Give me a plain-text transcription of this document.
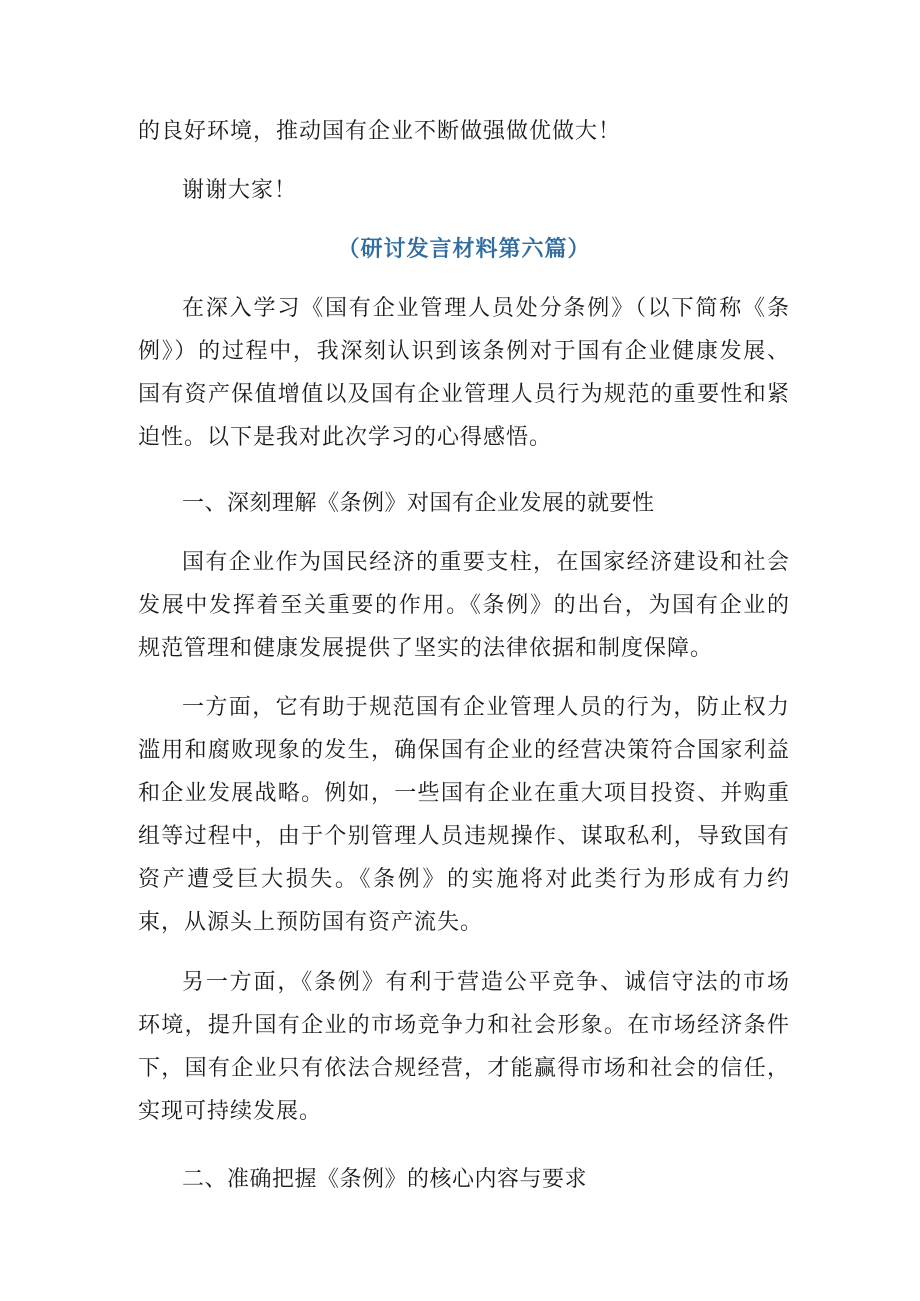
的良好环境，推动国有企业不断做强做优做大！

谢谢大家！

（研讨发言材料第六篇）

在深入学习《国有企业管理人员处分条例》（以下简称《条例》）的过程中，我深刻认识到该条例对于国有企业健康发展、国有资产保值增值以及国有企业管理人员行为规范的重要性和紧迫性。以下是我对此次学习的心得感悟。

一、深刻理解《条例》对国有企业发展的就要性

国有企业作为国民经济的重要支柱，在国家经济建设和社会发展中发挥着至关重要的作用。《条例》的出台，为国有企业的规范管理和健康发展提供了坚实的法律依据和制度保障。

一方面，它有助于规范国有企业管理人员的行为，防止权力滥用和腐败现象的发生，确保国有企业的经营决策符合国家利益和企业发展战略。例如，一些国有企业在重大项目投资、并购重组等过程中，由于个别管理人员违规操作、谋取私利，导致国有资产遭受巨大损失。《条例》的实施将对此类行为形成有力约束，从源头上预防国有资产流失。

另一方面，《条例》有利于营造公平竞争、诚信守法的市场环境，提升国有企业的市场竞争力和社会形象。在市场经济条件下，国有企业只有依法合规经营，才能赢得市场和社会的信任，实现可持续发展。

二、准确把握《条例》的核心内容与要求
